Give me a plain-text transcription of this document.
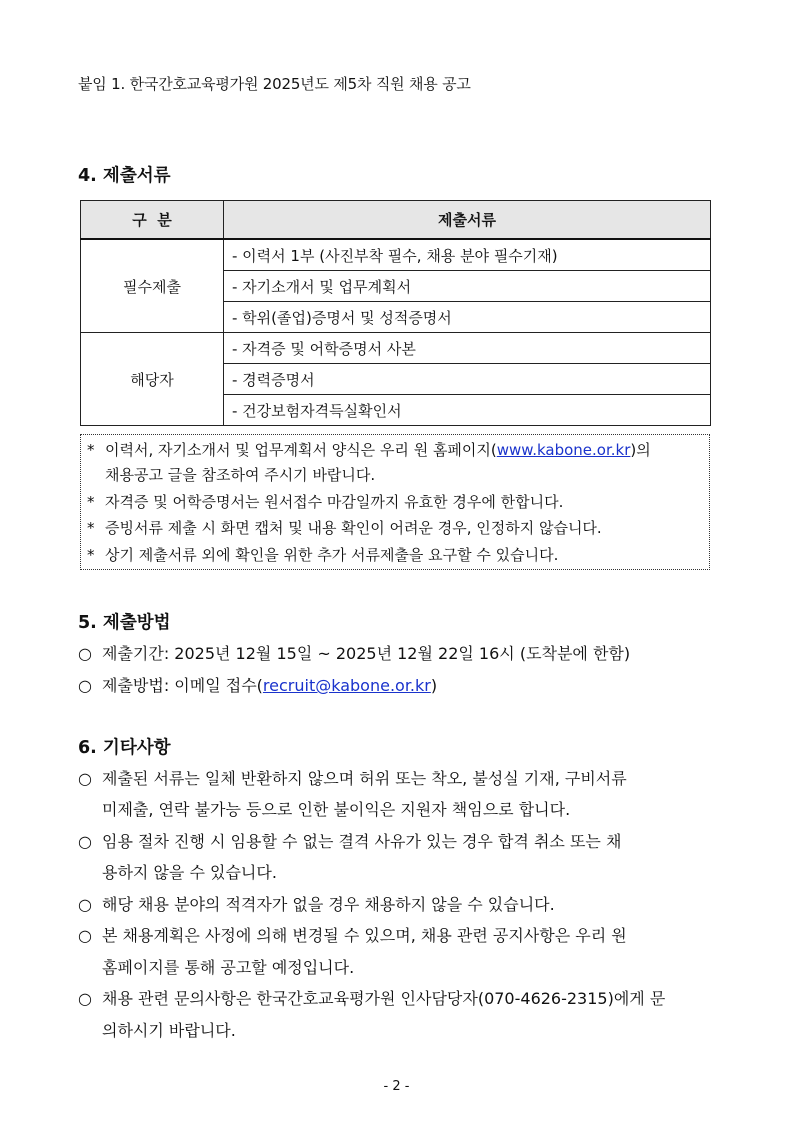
붙임 1. 한국간호교육평가원 2025년도 제5차 직원 채용 공고
4. 제출서류
구  분	제출서류
필수제출	- 이력서 1부 (사진부착 필수, 채용 분야 필수기재)
	- 자기소개서 및 업무계획서
	- 학위(졸업)증명서 및 성적증명서
해당자	- 자격증 및 어학증명서 사본
	- 경력증명서
	- 건강보험자격득실확인서
* 이력서, 자기소개서 및 업무계획서 양식은 우리 원 홈페이지(www.kabone.or.kr)의
채용공고 글을 참조하여 주시기 바랍니다.
* 자격증 및 어학증명서는 원서접수 마감일까지 유효한 경우에 한합니다.
* 증빙서류 제출 시 화면 캡처 및 내용 확인이 어려운 경우, 인정하지 않습니다.
* 상기 제출서류 외에 확인을 위한 추가 서류제출을 요구할 수 있습니다.
5. 제출방법
○ 제출기간: 2025년 12월 15일 ~ 2025년 12월 22일 16시 (도착분에 한함)
○ 제출방법: 이메일 접수(recruit@kabone.or.kr)
6. 기타사항
○ 제출된 서류는 일체 반환하지 않으며 허위 또는 착오, 불성실 기재, 구비서류
미제출, 연락 불가능 등으로 인한 불이익은 지원자 책임으로 합니다.
○ 임용 절차 진행 시 임용할 수 없는 결격 사유가 있는 경우 합격 취소 또는 채
용하지 않을 수 있습니다.
○ 해당 채용 분야의 적격자가 없을 경우 채용하지 않을 수 있습니다.
○ 본 채용계획은 사정에 의해 변경될 수 있으며, 채용 관련 공지사항은 우리 원
홈페이지를 통해 공고할 예정입니다.
○ 채용 관련 문의사항은 한국간호교육평가원 인사담당자(070-4626-2315)에게 문
의하시기 바랍니다.
- 2 -
